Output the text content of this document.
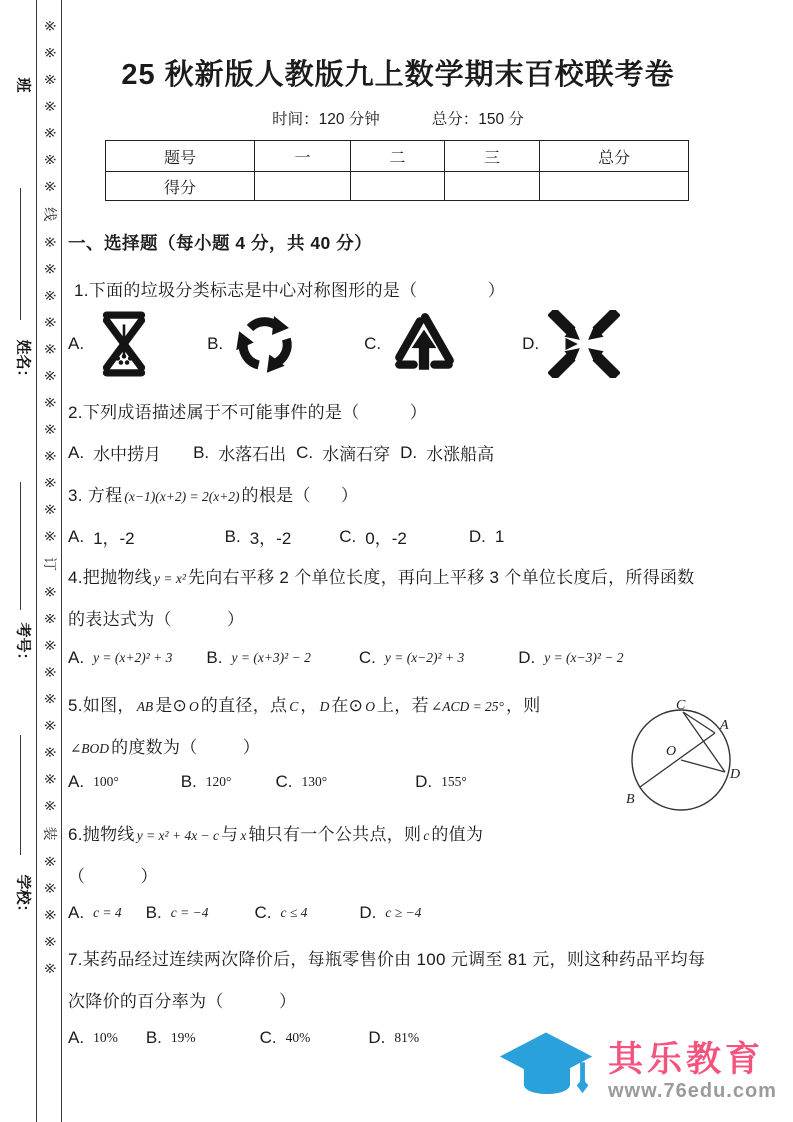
※※※※※※※线※※※※※※※※※※※※订※※※※※※※※※装※※※※※
班
姓名：
考号：
学校：
25 秋新版人教版九上数学期末百校联考卷
时间：120 分钟	总分：150 分
题号	一	二	三	总分
得分				
一、选择题（每小题 4 分，共 40 分）
1.下面的垃圾分类标志是中心对称图形的是（              ）
A.	B.	C.	D.
2.下列成语描述属于不可能事件的是（          ）
A. 水中捞月 B. 水落石出 C. 水滴石穿 D. 水涨船高
3. 方程 (x−1)(x+2) = 2(x+2) 的根是（      ）
A. 1，-2	B. 3，-2	C. 0，-2	D. 1
4.把抛物线 y = x² 先向右平移 2 个单位长度，再向上平移 3 个单位长度后，所得函数
的表达式为（           ）
A. y = (x+2)² + 3 B. y = (x+3)² − 2	C. y = (x−2)² + 3	D. y = (x−3)² − 2
5.如图， AB 是⊙ O 的直径，点 C ， D 在⊙ O 上，若 ∠ACD = 25° ，则
∠BOD 的度数为（         ）
A. 100°	B. 120°	C. 130°	D. 155°
C
A
O
B
D
6.抛物线 y = x² + 4x − c 与 x 轴只有一个公共点，则 c 的值为
（           ）
A. c = 4 B. c = −4	C. c ≤ 4	D. c ≥ −4
7.某药品经过连续两次降价后，每瓶零售价由 100 元调至 81 元，则这种药品平均每
次降价的百分率为（           ）
A. 10% B. 19%	C. 40%	D. 81%
其乐教育
www.76edu.com
